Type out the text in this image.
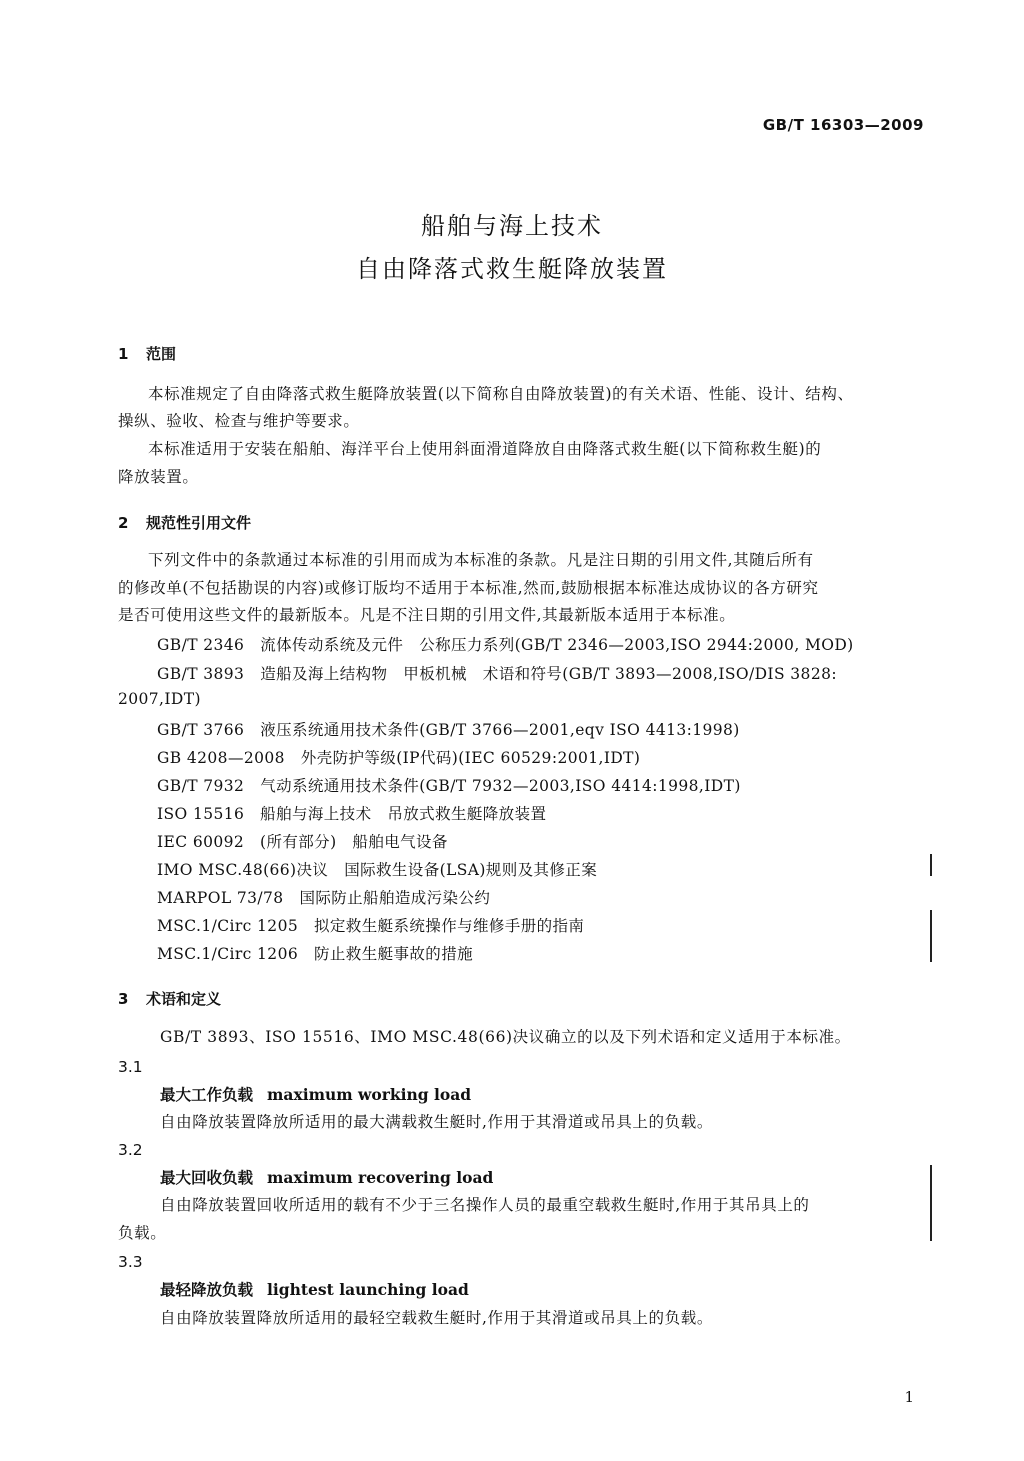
GB/T 16303—2009
船舶与海上技术
自由降落式救生艇降放装置
1 范围
本标准规定了自由降落式救生艇降放装置(以下简称自由降放装置)的有关术语、性能、设计、结构、
操纵、验收、检查与维护等要求。
本标准适用于安装在船舶、海洋平台上使用斜面滑道降放自由降落式救生艇(以下简称救生艇)的
降放装置。
2 规范性引用文件
下列文件中的条款通过本标准的引用而成为本标准的条款。凡是注日期的引用文件,其随后所有
的修改单(不包括勘误的内容)或修订版均不适用于本标准,然而,鼓励根据本标准达成协议的各方研究
是否可使用这些文件的最新版本。凡是不注日期的引用文件,其最新版本适用于本标准。
GB/T 2346　流体传动系统及元件　公称压力系列(GB/T 2346—2003,ISO 2944:2000, MOD)
GB/T 3893　造船及海上结构物　甲板机械　术语和符号(GB/T 3893—2008,ISO/DIS 3828:
2007,IDT)
GB/T 3766　液压系统通用技术条件(GB/T 3766—2001,eqv ISO 4413:1998)
GB 4208—2008　外壳防护等级(IP代码)(IEC 60529:2001,IDT)
GB/T 7932　气动系统通用技术条件(GB/T 7932—2003,ISO 4414:1998,IDT)
ISO 15516　船舶与海上技术　吊放式救生艇降放装置
IEC 60092　(所有部分)　船舶电气设备
IMO MSC.48(66)决议　国际救生设备(LSA)规则及其修正案
MARPOL 73/78　国际防止船舶造成污染公约
MSC.1/Circ 1205　拟定救生艇系统操作与维修手册的指南
MSC.1/Circ 1206　防止救生艇事故的措施
3 术语和定义
GB/T 3893、ISO 15516、IMO MSC.48(66)决议确立的以及下列术语和定义适用于本标准。
3.1
最大工作负载 maximum working load
自由降放装置降放所适用的最大满载救生艇时,作用于其滑道或吊具上的负载。
3.2
最大回收负载 maximum recovering load
自由降放装置回收所适用的载有不少于三名操作人员的最重空载救生艇时,作用于其吊具上的
负载。
3.3
最轻降放负载 lightest launching load
自由降放装置降放所适用的最轻空载救生艇时,作用于其滑道或吊具上的负载。
1
